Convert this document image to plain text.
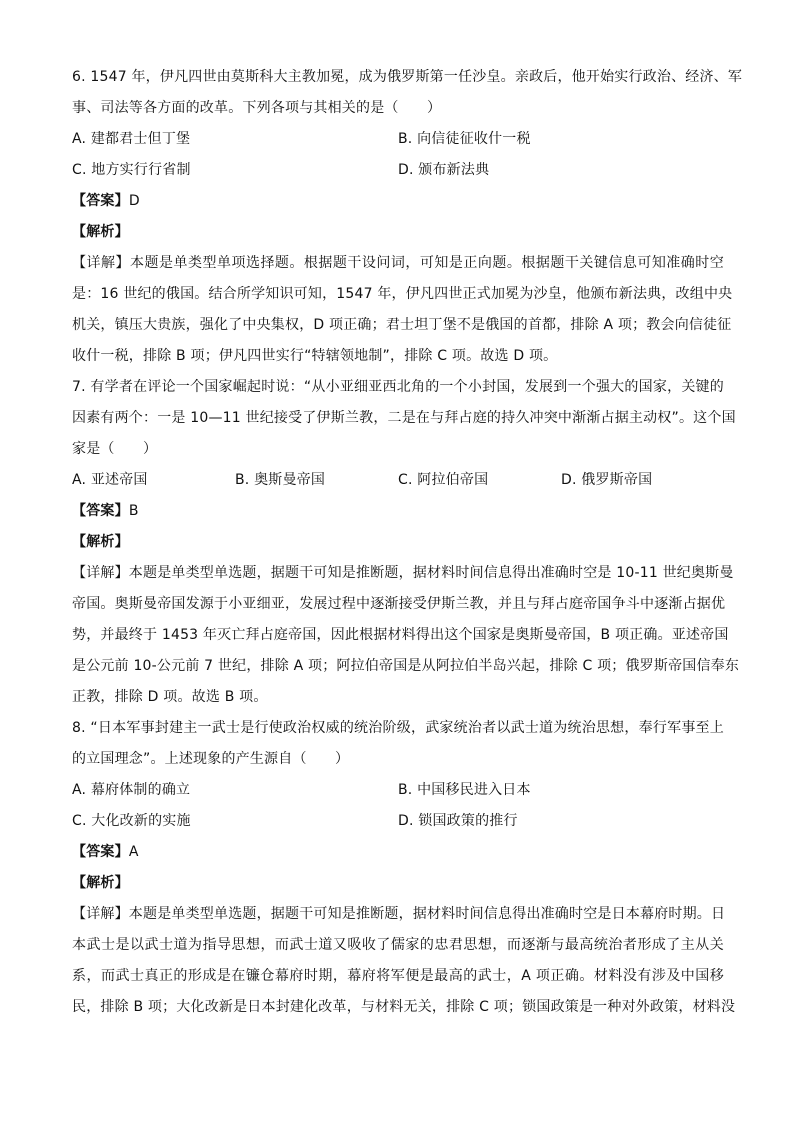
6. 1547 年，伊凡四世由莫斯科大主教加冕，成为俄罗斯第一任沙皇。亲政后，他开始实行政治、经济、军
事、司法等各方面的改革。下列各项与其相关的是（　　）
A. 建都君士但丁堡	B. 向信徒征收什一税
C. 地方实行行省制	D. 颁布新法典
【答案】D
【解析】
【详解】本题是单类型单项选择题。根据题干设问词，可知是正向题。根据题干关键信息可知准确时空
是：16 世纪的俄国。结合所学知识可知，1547 年，伊凡四世正式加冕为沙皇，他颁布新法典，改组中央
机关，镇压大贵族，强化了中央集权，D 项正确；君士坦丁堡不是俄国的首都，排除 A 项；教会向信徒征
收什一税，排除 B 项；伊凡四世实行“特辖领地制”，排除 C 项。故选 D 项。
7. 有学者在评论一个国家崛起时说：“从小亚细亚西北角的一个小封国，发展到一个强大的国家，关键的
因素有两个：一是 10—11 世纪接受了伊斯兰教，二是在与拜占庭的持久冲突中渐渐占据主动权”。这个国
家是（　　）
A. 亚述帝国	B. 奥斯曼帝国	C. 阿拉伯帝国	D. 俄罗斯帝国
【答案】B
【解析】
【详解】本题是单类型单选题，据题干可知是推断题，据材料时间信息得出准确时空是 10-11 世纪奥斯曼
帝国。奥斯曼帝国发源于小亚细亚，发展过程中逐渐接受伊斯兰教，并且与拜占庭帝国争斗中逐渐占据优
势，并最终于 1453 年灭亡拜占庭帝国，因此根据材料得出这个国家是奥斯曼帝国，B 项正确。亚述帝国
是公元前 10-公元前 7 世纪，排除 A 项；阿拉伯帝国是从阿拉伯半岛兴起，排除 C 项；俄罗斯帝国信奉东
正教，排除 D 项。故选 B 项。
8. “日本军事封建主一武士是行使政治权威的统治阶级，武家统治者以武士道为统治思想，奉行军事至上
的立国理念”。上述现象的产生源自（　　）
A. 幕府体制的确立	B. 中国移民进入日本
C. 大化改新的实施	D. 锁国政策的推行
【答案】A
【解析】
【详解】本题是单类型单选题，据题干可知是推断题，据材料时间信息得出准确时空是日本幕府时期。日
本武士是以武士道为指导思想，而武士道又吸收了儒家的忠君思想，而逐渐与最高统治者形成了主从关
系，而武士真正的形成是在镰仓幕府时期，幕府将军便是最高的武士，A 项正确。材料没有涉及中国移
民，排除 B 项；大化改新是日本封建化改革，与材料无关，排除 C 项；锁国政策是一种对外政策，材料没
